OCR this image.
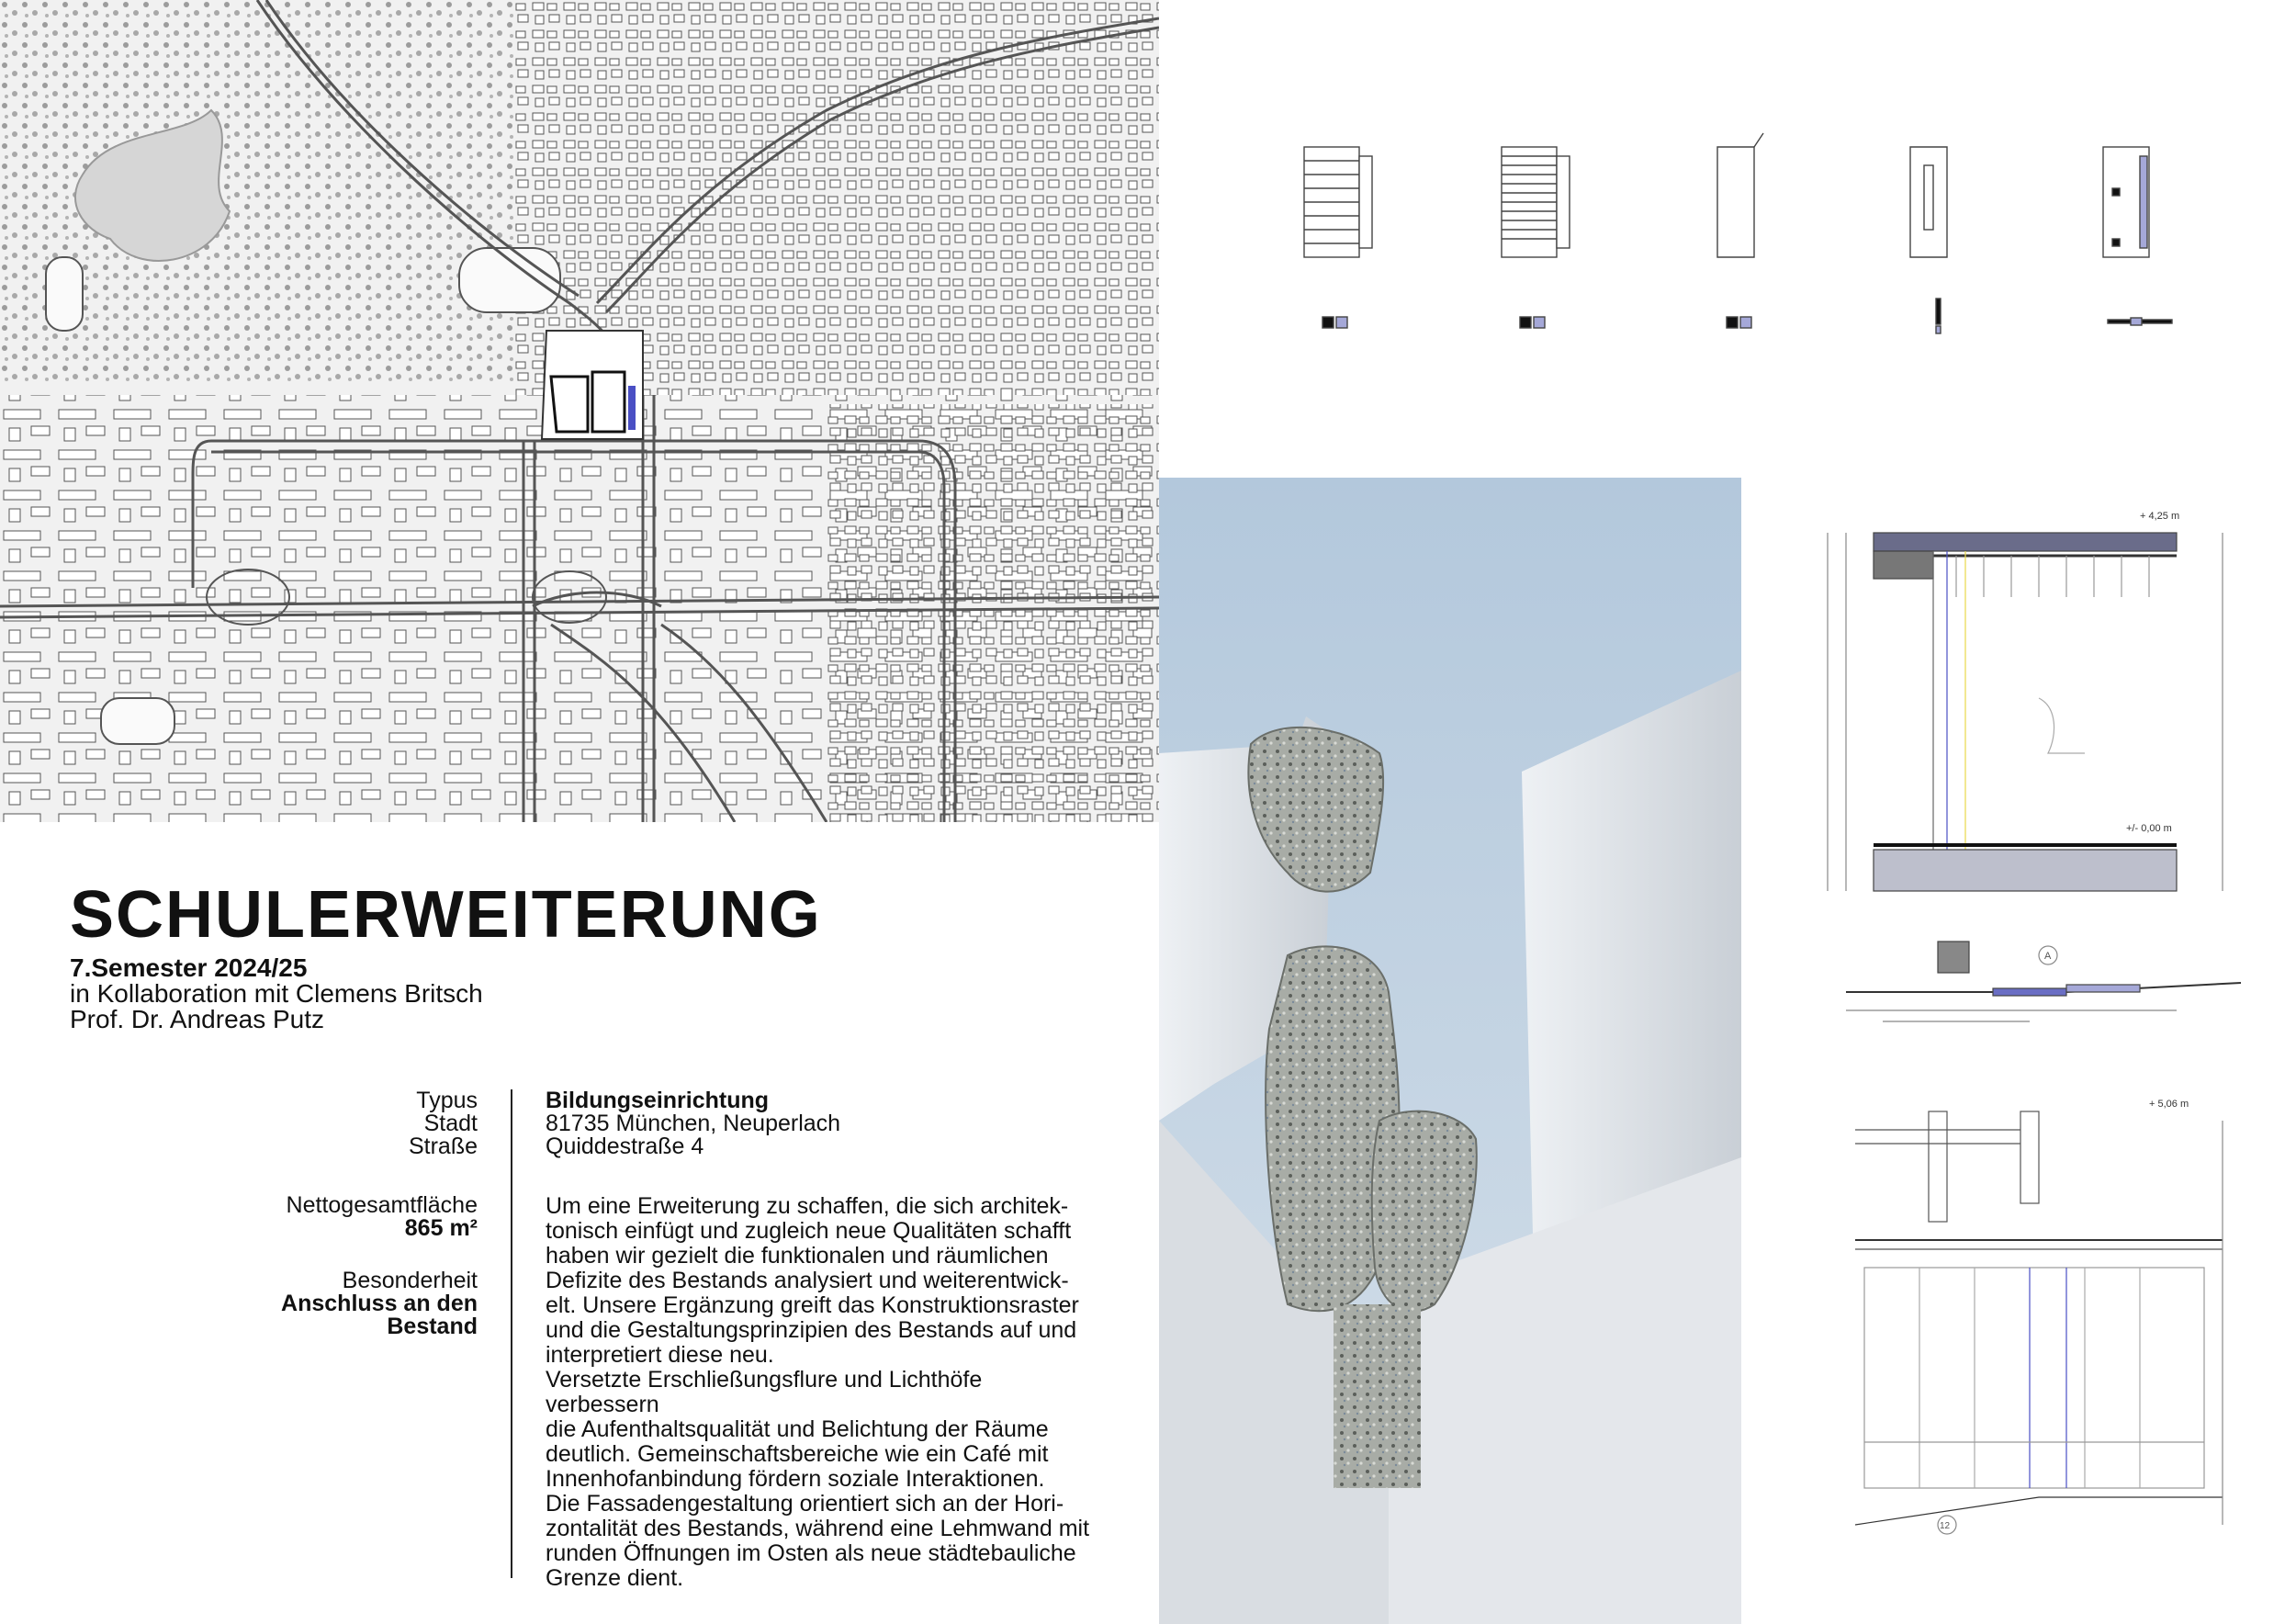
SCHULERWEITERUNG
7.Semester 2024/25
in Kollaboration mit Clemens Britsch
Prof. Dr. Andreas Putz
Typus
Stadt
Straße
Bildungseinrichtung
81735 München, Neuperlach
Quiddestraße 4
Nettogesamtfläche
865 m²
Besonderheit
Anschluss an den Bestand

Um eine Erweiterung zu schaffen, die sich architek-

tonisch einfügt und zugleich neue Qualitäten schafft

haben wir gezielt die funktionalen und räumlichen

Defizite des Bestands analysiert und weiterentwick-

elt. Unsere Ergänzung greift das Konstruktionsraster

und die Gestaltungsprinzipien des Bestands auf und

interpretiert diese neu.

Versetzte Erschließungsflure und Lichthöfe verbessern

die Aufenthaltsqualität und Belichtung der Räume

deutlich. Gemeinschaftsbereiche wie ein Café mit

Innenhofanbindung fördern soziale Interaktionen.

Die Fassadengestaltung orientiert sich an der Hori-

zontalität des Bestands, während eine Lehmwand mit

runden Öffnungen im Osten als neue städtebauliche

Grenze dient.

+ 4,25 m
+/- 0,00 m
A
+ 5,06 m
12
